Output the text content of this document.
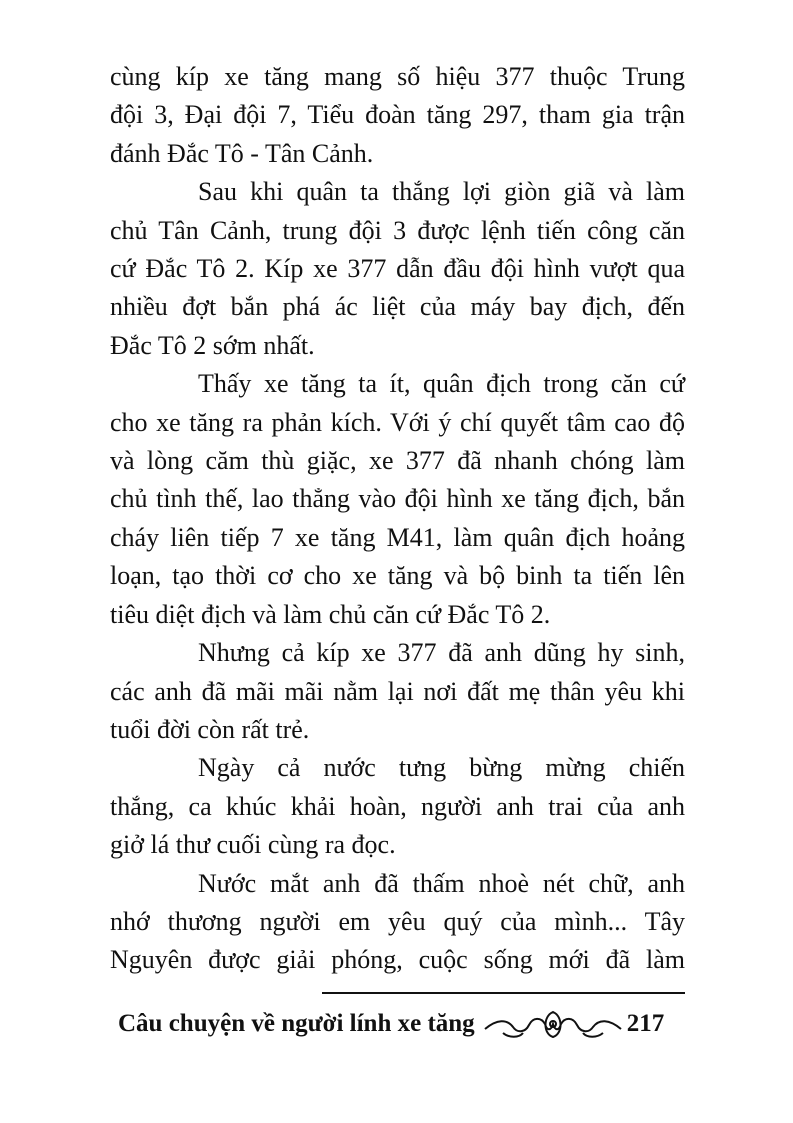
cùng kíp xe tăng mang số hiệu 377 thuộc Trung
đội 3, Đại đội 7, Tiểu đoàn tăng 297, tham gia trận
đánh Đắc Tô - Tân Cảnh.
Sau khi quân ta thắng lợi giòn giã và làm
chủ Tân Cảnh, trung đội 3 được lệnh tiến công căn
cứ Đắc Tô 2. Kíp xe 377 dẫn đầu đội hình vượt qua
nhiều đợt bắn phá ác liệt của máy bay địch, đến
Đắc Tô 2 sớm nhất.
Thấy xe tăng ta ít, quân địch trong căn cứ
cho xe tăng ra phản kích. Với ý chí quyết tâm cao độ
và lòng căm thù giặc, xe 377 đã nhanh chóng làm
chủ tình thế, lao thẳng vào đội hình xe tăng địch, bắn
cháy liên tiếp 7 xe tăng M41, làm quân địch hoảng
loạn, tạo thời cơ cho xe tăng và bộ binh ta tiến lên
tiêu diệt địch và làm chủ căn cứ Đắc Tô 2.
Nhưng cả kíp xe 377 đã anh dũng hy sinh,
các anh đã mãi mãi nằm lại nơi đất mẹ thân yêu khi
tuổi đời còn rất trẻ.
Ngày cả nước tưng bừng mừng chiến
thắng, ca khúc khải hoàn, người anh trai của anh
giở lá thư cuối cùng ra đọc.
Nước mắt anh đã thấm nhoè nét chữ, anh
nhớ thương người em yêu quý của mình... Tây
Nguyên được giải phóng, cuộc sống mới đã làm
Câu chuyện về người lính xe tăng	217
